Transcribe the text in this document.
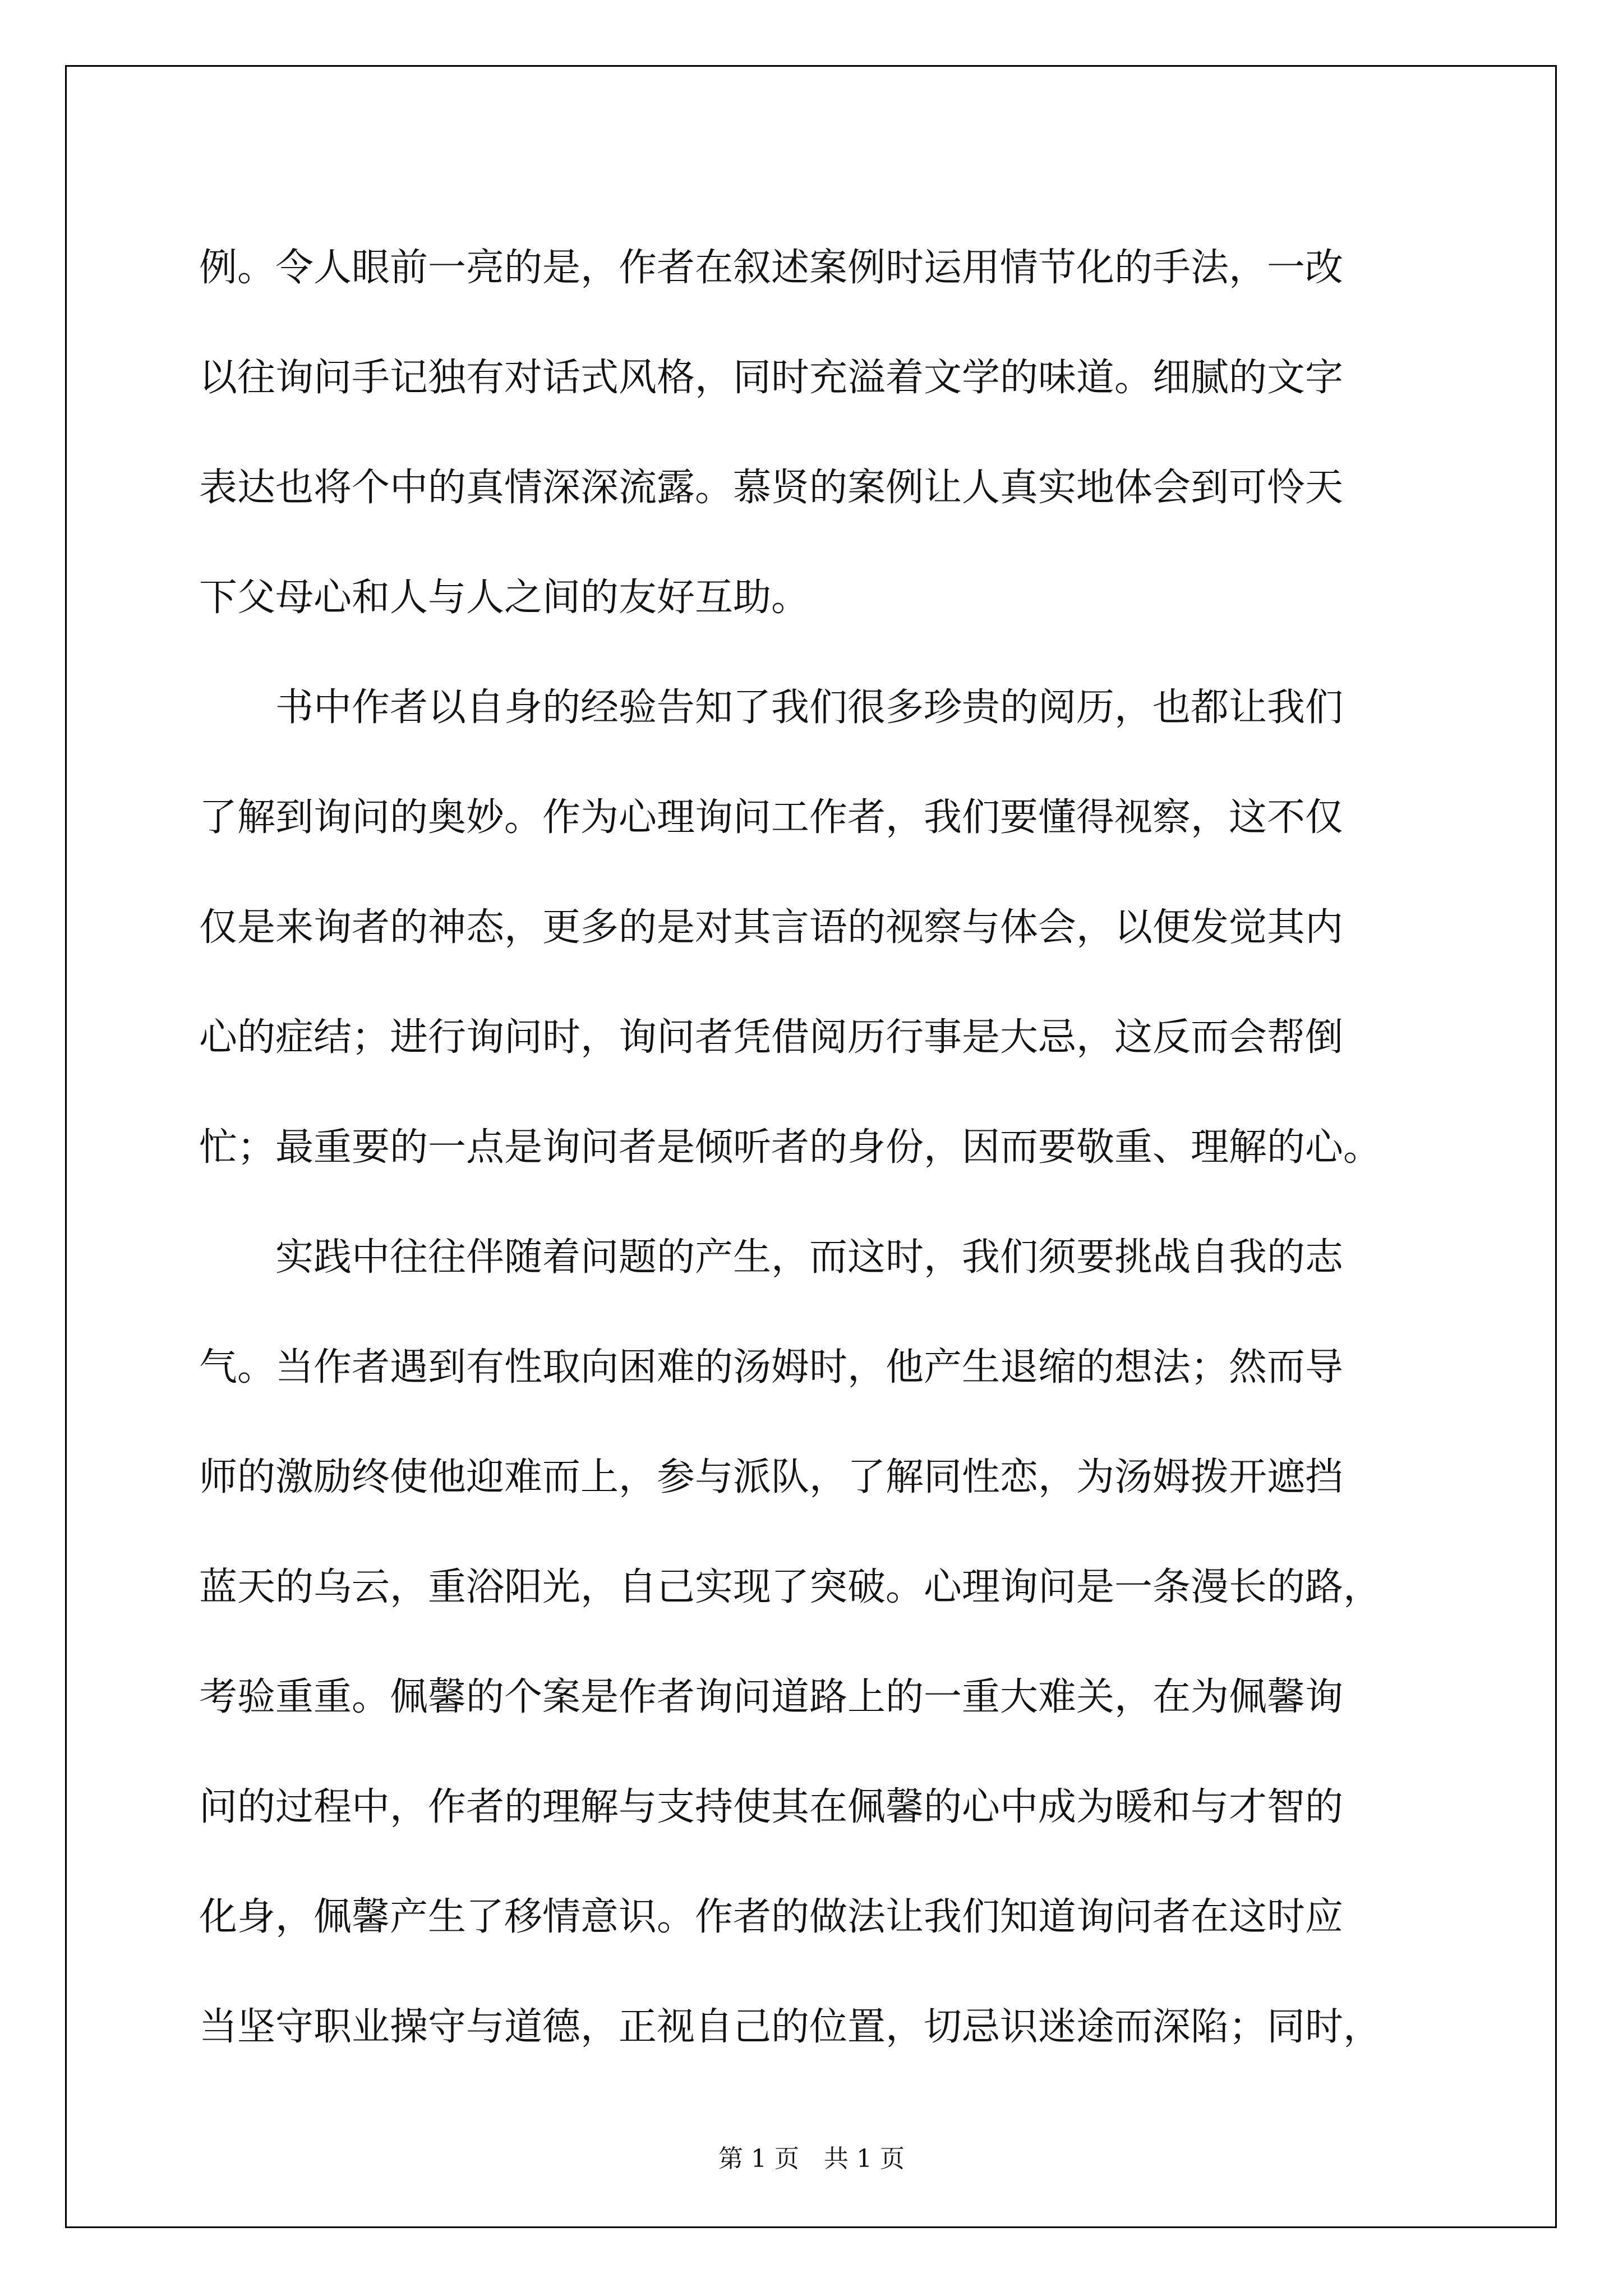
例。令人眼前一亮的是，作者在叙述案例时运用情节化的手法，一改
以往询问手记独有对话式风格，同时充溢着文学的味道。细腻的文字
表达也将个中的真情深深流露。慕贤的案例让人真实地体会到可怜天
下父母心和人与人之间的友好互助。
书中作者以自身的经验告知了我们很多珍贵的阅历，也都让我们
了解到询问的奥妙。作为心理询问工作者，我们要懂得视察，这不仅
仅是来询者的神态，更多的是对其言语的视察与体会，以便发觉其内
心的症结；进行询问时，询问者凭借阅历行事是大忌，这反而会帮倒
忙；最重要的一点是询问者是倾听者的身份，因而要敬重、理解的心。
实践中往往伴随着问题的产生，而这时，我们须要挑战自我的志
气。当作者遇到有性取向困难的汤姆时，他产生退缩的想法；然而导
师的激励终使他迎难而上，参与派队，了解同性恋，为汤姆拨开遮挡
蓝天的乌云，重浴阳光，自己实现了突破。心理询问是一条漫长的路，
考验重重。佩馨的个案是作者询问道路上的一重大难关，在为佩馨询
问的过程中，作者的理解与支持使其在佩馨的心中成为暖和与才智的
化身，佩馨产生了移情意识。作者的做法让我们知道询问者在这时应
当坚守职业操守与道德，正视自己的位置，切忌识迷途而深陷；同时，
第 1 页　共 1 页
